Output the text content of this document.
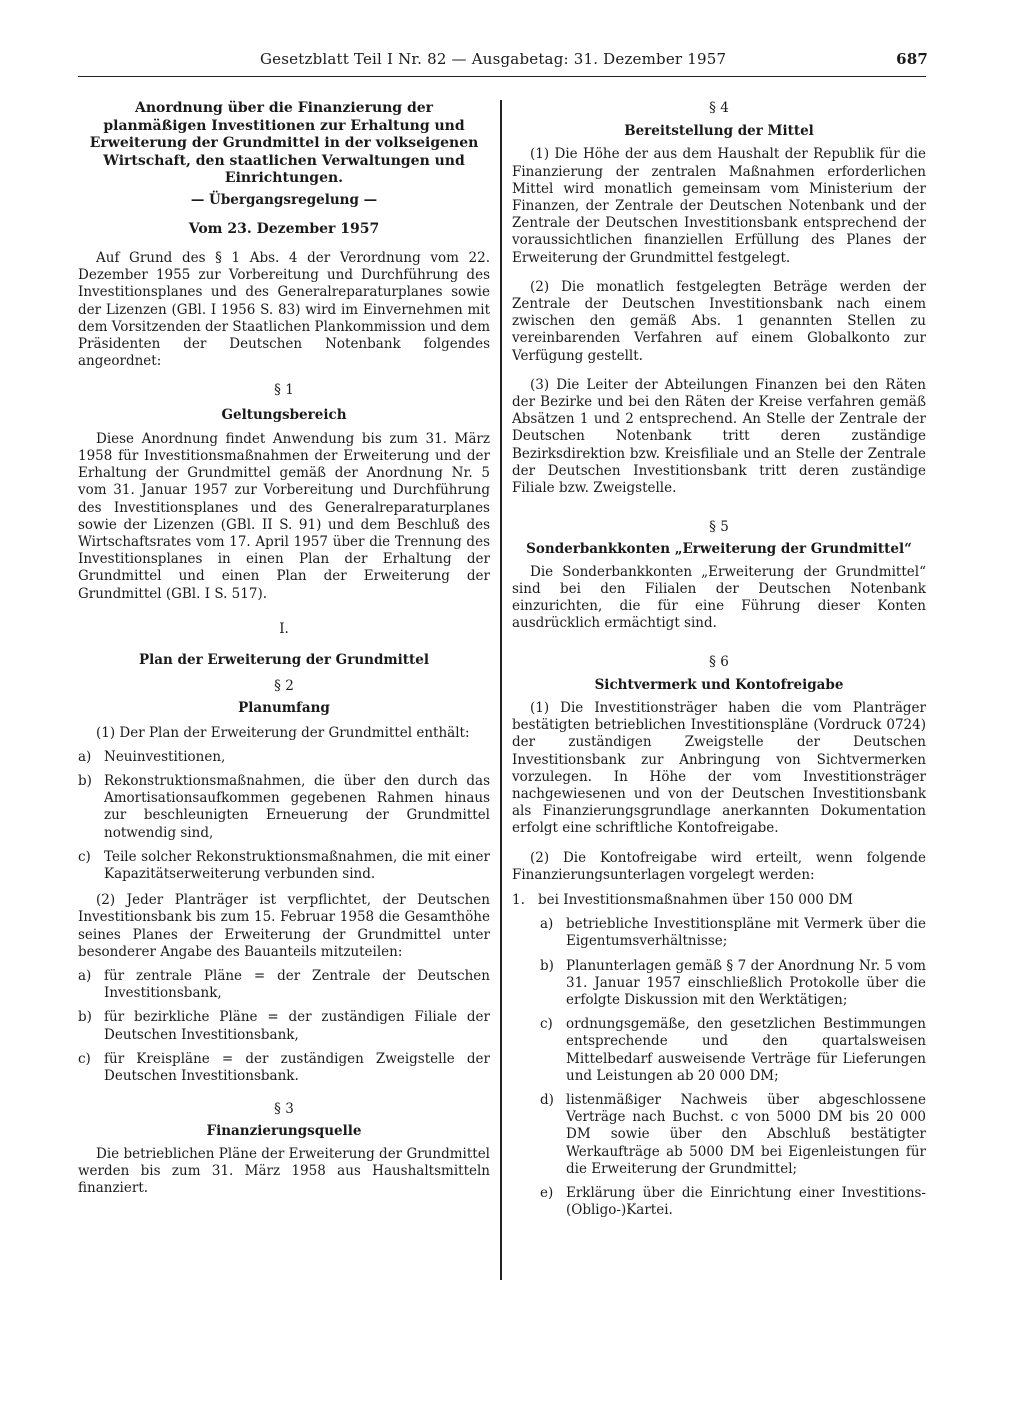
Gesetzblatt Teil I Nr. 82 — Ausgabetag: 31. Dezember 1957	687

Anordnung über die Finanzierung der planmäßigen Investitionen zur Erhaltung und Erweiterung der Grundmittel in der volkseigenen Wirtschaft, den staatlichen Verwaltungen und Einrichtungen.

— Übergangsregelung —

Vom 23. Dezember 1957

Auf Grund des § 1 Abs. 4 der Verordnung vom 22. Dezember 1955 zur Vorbereitung und Durchführung des Investitionsplanes und des Generalreparaturplanes sowie der Lizenzen (GBl. I 1956 S. 83) wird im Einvernehmen mit dem Vorsitzenden der Staatlichen Plankommission und dem Präsidenten der Deutschen Notenbank folgendes angeordnet:

§ 1

Geltungsbereich

Diese Anordnung findet Anwendung bis zum 31. März 1958 für Investitionsmaßnahmen der Erweiterung und der Erhaltung der Grundmittel gemäß der Anordnung Nr. 5 vom 31. Januar 1957 zur Vorbereitung und Durchführung des Investitionsplanes und des Generalreparaturplanes sowie der Lizenzen (GBl. II S. 91) und dem Beschluß des Wirtschaftsrates vom 17. April 1957 über die Trennung des Investitionsplanes in einen Plan der Erhaltung der Grundmittel und einen Plan der Erweiterung der Grundmittel (GBl. I S. 517).

I.

Plan der Erweiterung der Grundmittel

§ 2

Planumfang

(1) Der Plan der Erweiterung der Grundmittel enthält:

a) Neuinvestitionen,
b) Rekonstruktionsmaßnahmen, die über den durch das Amortisationsaufkommen gegebenen Rahmen hinaus zur beschleunigten Erneuerung der Grundmittel notwendig sind,
c) Teile solcher Rekonstruktionsmaßnahmen, die mit einer Kapazitätserweiterung verbunden sind.

(2) Jeder Planträger ist verpflichtet, der Deutschen Investitionsbank bis zum 15. Februar 1958 die Gesamthöhe seines Planes der Erweiterung der Grundmittel unter besonderer Angabe des Bauanteils mitzuteilen:

a) für zentrale Pläne = der Zentrale der Deutschen Investitionsbank,
b) für bezirkliche Pläne = der zuständigen Filiale der Deutschen Investitionsbank,
c) für Kreispläne = der zuständigen Zweigstelle der Deutschen Investitionsbank.

§ 3

Finanzierungsquelle

Die betrieblichen Pläne der Erweiterung der Grundmittel werden bis zum 31. März 1958 aus Haushaltsmitteln finanziert.

§ 4

Bereitstellung der Mittel

(1) Die Höhe der aus dem Haushalt der Republik für die Finanzierung der zentralen Maßnahmen erforderlichen Mittel wird monatlich gemeinsam vom Ministerium der Finanzen, der Zentrale der Deutschen Notenbank und der Zentrale der Deutschen Investitionsbank entsprechend der voraussichtlichen finanziellen Erfüllung des Planes der Erweiterung der Grundmittel festgelegt.

(2) Die monatlich festgelegten Beträge werden der Zentrale der Deutschen Investitionsbank nach einem zwischen den gemäß Abs. 1 genannten Stellen zu vereinbarenden Verfahren auf einem Globalkonto zur Verfügung gestellt.

(3) Die Leiter der Abteilungen Finanzen bei den Räten der Bezirke und bei den Räten der Kreise verfahren gemäß Absätzen 1 und 2 entsprechend. An Stelle der Zentrale der Deutschen Notenbank tritt deren zuständige Bezirksdirektion bzw. Kreisfiliale und an Stelle der Zentrale der Deutschen Investitionsbank tritt deren zuständige Filiale bzw. Zweigstelle.

§ 5

Sonderbankkonten „Erweiterung der Grundmittel“

Die Sonderbankkonten „Erweiterung der Grundmittel“ sind bei den Filialen der Deutschen Notenbank einzurichten, die für eine Führung dieser Konten ausdrücklich ermächtigt sind.

§ 6

Sichtvermerk und Kontofreigabe

(1) Die Investitionsträger haben die vom Planträger bestätigten betrieblichen Investitionspläne (Vordruck 0724) der zuständigen Zweigstelle der Deutschen Investitionsbank zur Anbringung von Sichtvermerken vorzulegen. In Höhe der vom Investitionsträger nachgewiesenen und von der Deutschen Investitionsbank als Finanzierungsgrundlage anerkannten Dokumentation erfolgt eine schriftliche Kontofreigabe.

(2) Die Kontofreigabe wird erteilt, wenn folgende Finanzierungsunterlagen vorgelegt werden:

1. bei Investitionsmaßnahmen über 150 000 DM
a) betriebliche Investitionspläne mit Vermerk über die Eigentumsverhältnisse;
b) Planunterlagen gemäß § 7 der Anordnung Nr. 5 vom 31. Januar 1957 einschließlich Protokolle über die erfolgte Diskussion mit den Werktätigen;
c) ordnungsgemäße, den gesetzlichen Bestimmungen entsprechende und den quartalsweisen Mittelbedarf ausweisende Verträge für Lieferungen und Leistungen ab 20 000 DM;
d) listenmäßiger Nachweis über abgeschlossene Verträge nach Buchst. c von 5000 DM bis 20 000 DM sowie über den Abschluß bestätigter Werkaufträge ab 5000 DM bei Eigenleistungen für die Erweiterung der Grundmittel;
e) Erklärung über die Einrichtung einer Investitions-(Obligo-)Kartei.
